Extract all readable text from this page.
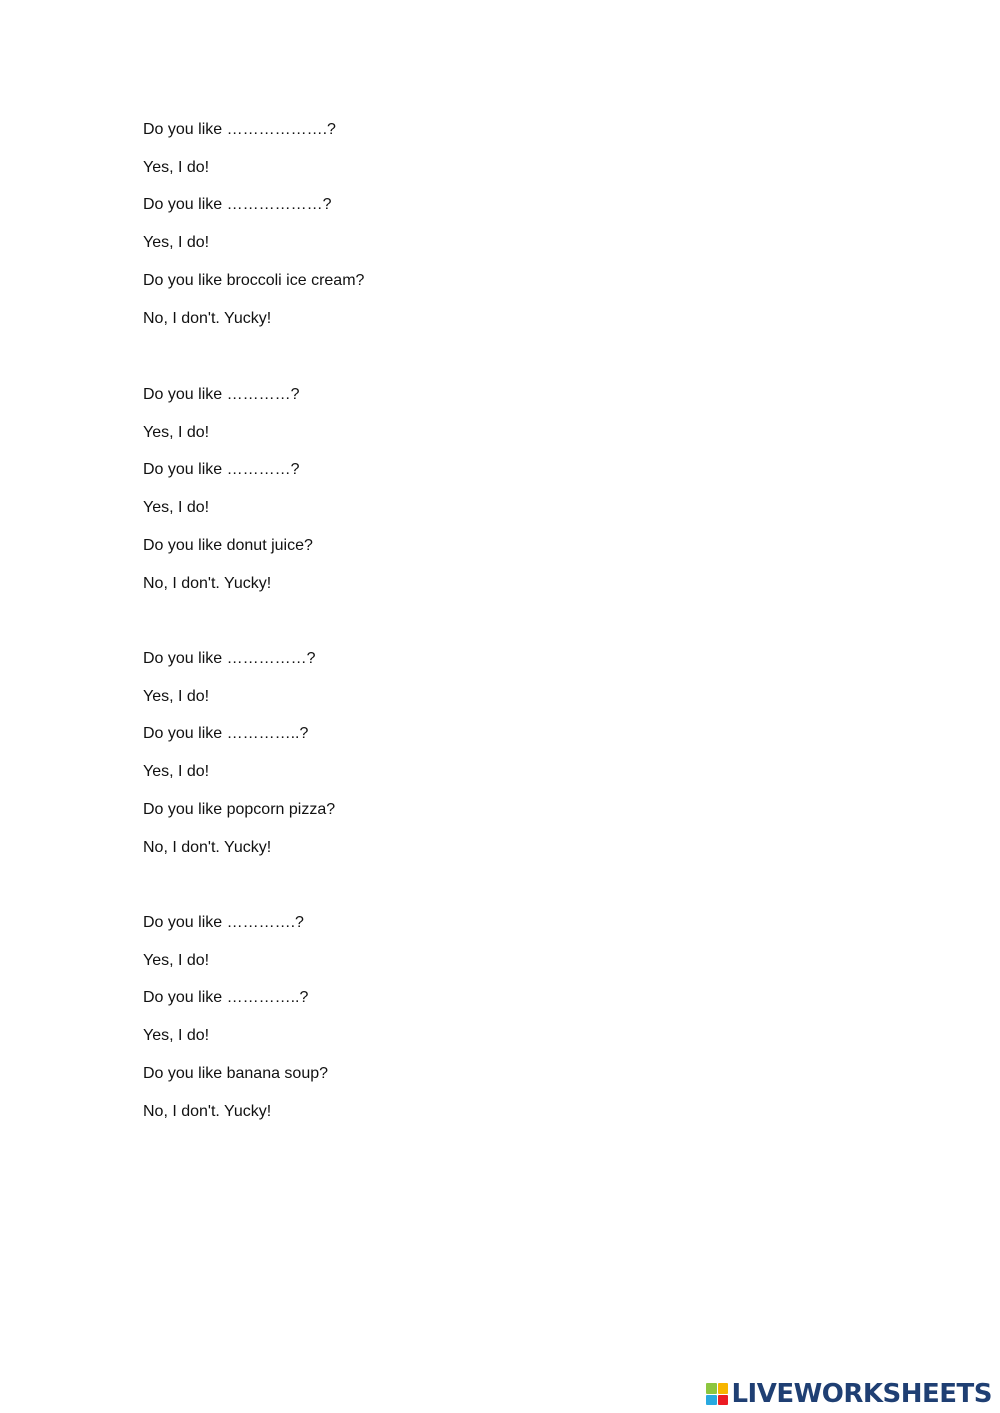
Do you like ……………….?
Yes, I do!
Do you like ………………?
Yes, I do!
Do you like broccoli ice cream?
No, I don't. Yucky!
Do you like …………?
Yes, I do!
Do you like …………?
Yes, I do!
Do you like donut juice?
No, I don't. Yucky!
Do you like ……………?
Yes, I do!
Do you like …………..?
Yes, I do!
Do you like popcorn pizza?
No, I don't. Yucky!
Do you like ………….?
Yes, I do!
Do you like …………..?
Yes, I do!
Do you like banana soup?
No, I don't. Yucky!
LIVEWORKSHEETS
